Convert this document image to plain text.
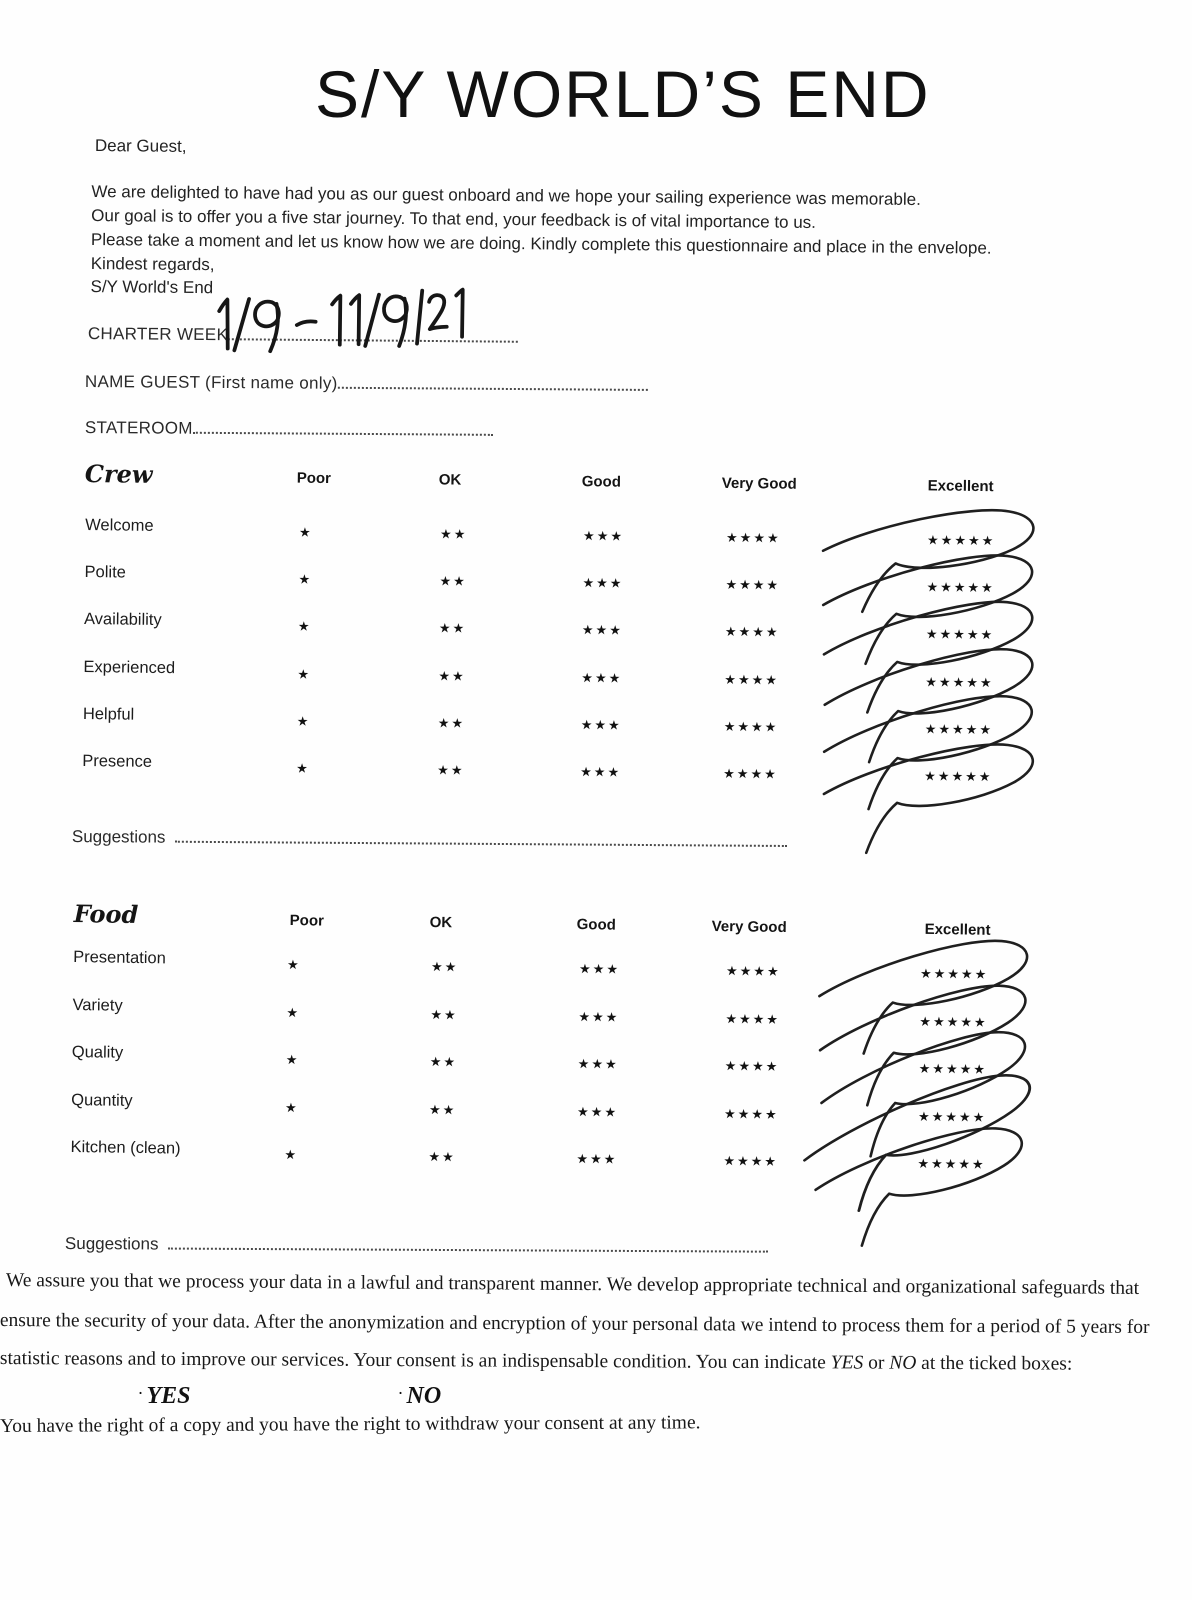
S/Y WORLD’S END
Dear Guest,
We are delighted to have had you as our guest onboard and we hope your sailing experience was memorable.
Our goal is to offer you a five star journey. To that end, your feedback is of vital importance to us.
Please take a moment and let us know how we are doing. Kindly complete this questionnaire and place in the envelope.
Kindest regards,
S/Y World's End
CHARTER WEEK
NAME GUEST (First name only)
STATEROOM
Crew	Poor	OK	Good	Very Good	Excellent
Welcome	★	★★	★★★	★★★★	★★★★★
Polite	★	★★	★★★	★★★★	★★★★★
Availability	★	★★	★★★	★★★★	★★★★★
Experienced	★	★★	★★★	★★★★	★★★★★
Helpful	★	★★	★★★	★★★★	★★★★★
Presence	★	★★	★★★	★★★★	★★★★★
Suggestions
Food	Poor	OK	Good	Very Good	Excellent
Presentation	★	★★	★★★	★★★★	★★★★★
Variety	★	★★	★★★	★★★★	★★★★★
Quality	★	★★	★★★	★★★★	★★★★★
Quantity	★	★★	★★★	★★★★	★★★★★
Kitchen (clean)	★	★★	★★★	★★★★	★★★★★
Suggestions
We assure you that we process your data in a lawful and transparent manner. We develop appropriate technical and organizational safeguards that
ensure the security of your data. After the anonymization and encryption of your personal data we intend to process them for a period of 5 years for
statistic reasons and to improve our services. Your consent is an indispensable condition. You can indicate YES or NO at the ticked boxes:
· YES	· NO
You have the right of a copy and you have the right to withdraw your consent at any time.
